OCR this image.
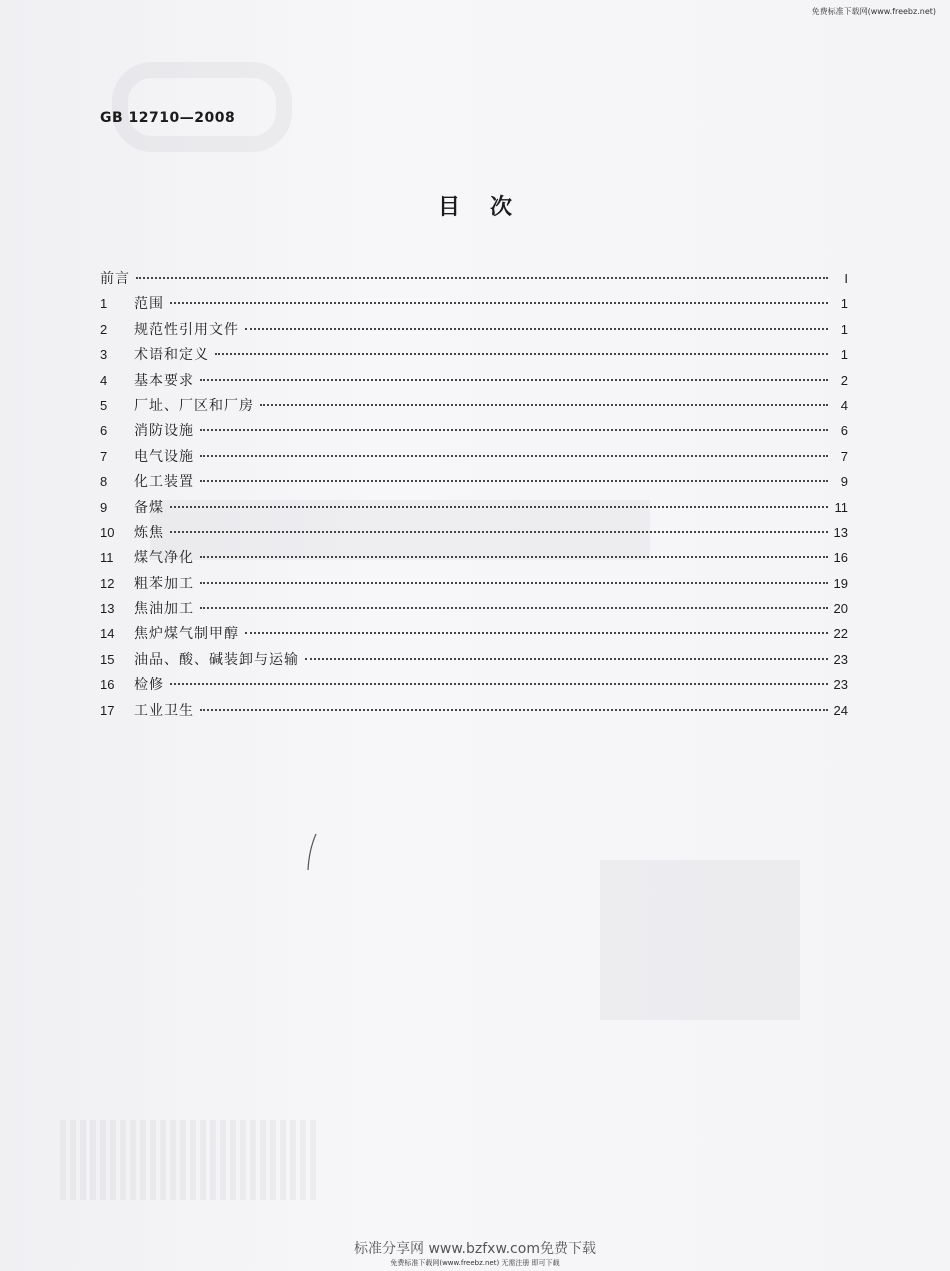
免费标准下载网(www.freebz.net)
GB 12710—2008
目次
前言	I
1	范围	1
2	规范性引用文件	1
3	术语和定义	1
4	基本要求	2
5	厂址、厂区和厂房	4
6	消防设施	6
7	电气设施	7
8	化工装置	9
9	备煤	11
10	炼焦	13
11	煤气净化	16
12	粗苯加工	19
13	焦油加工	20
14	焦炉煤气制甲醇	22
15	油品、酸、碱装卸与运输	23
16	检修	23
17	工业卫生	24
标准分享网 www.bzfxw.com免费下载
免费标准下载网(www.freebz.net) 无需注册 即可下载
